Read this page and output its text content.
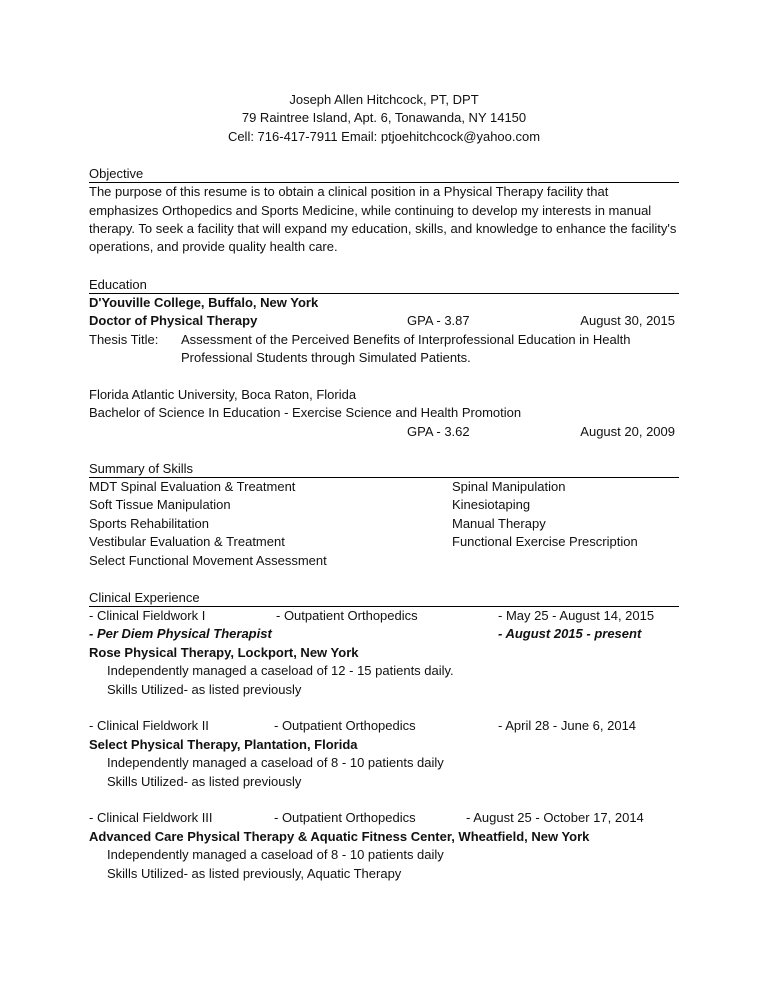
Joseph Allen Hitchcock, PT, DPT
79 Raintree Island, Apt. 6, Tonawanda, NY 14150
Cell: 716-417-7911 Email: ptjoehitchcock@yahoo.com
Objective
The purpose of this resume is to obtain a clinical position in a Physical Therapy facility that emphasizes Orthopedics and Sports Medicine, while continuing to develop my interests in manual therapy. To seek a facility that will expand my education, skills, and knowledge to enhance the facility's operations, and provide quality health care.
Education
D'Youville College, Buffalo, New York
Doctor of Physical Therapy	GPA - 3.87	August 30, 2015
Thesis Title: Assessment of the Perceived Benefits of Interprofessional Education in Health Professional Students through Simulated Patients.
Florida Atlantic University, Boca Raton, Florida
Bachelor of Science In Education - Exercise Science and Health Promotion
GPA - 3.62	August 20, 2009
Summary of Skills
MDT Spinal Evaluation & Treatment	Spinal Manipulation
Soft Tissue Manipulation	Kinesiotaping
Sports Rehabilitation	Manual Therapy
Vestibular Evaluation & Treatment	Functional Exercise Prescription
Select Functional Movement Assessment
Clinical Experience
- Clinical Fieldwork I	- Outpatient Orthopedics	- May 25 - August 14, 2015
- Per Diem Physical Therapist	- August 2015 - present
Rose Physical Therapy, Lockport, New York
Independently managed a caseload of 12 - 15 patients daily.
Skills Utilized- as listed previously
- Clinical Fieldwork II	- Outpatient Orthopedics	- April 28 - June 6, 2014
Select Physical Therapy, Plantation, Florida
Independently managed a caseload of 8 - 10 patients daily
Skills Utilized- as listed previously
- Clinical Fieldwork III	- Outpatient Orthopedics	- August 25 - October 17, 2014
Advanced Care Physical Therapy & Aquatic Fitness Center, Wheatfield, New York
Independently managed a caseload of 8 - 10 patients daily
Skills Utilized- as listed previously, Aquatic Therapy
